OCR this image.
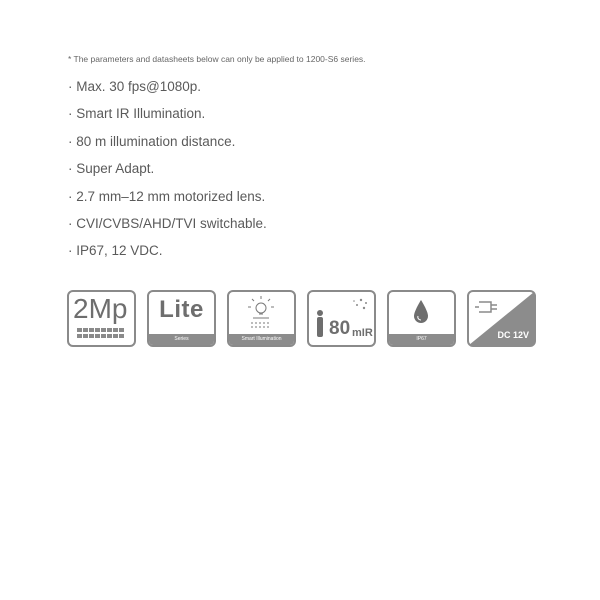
* The parameters and datasheets below can only be applied to 1200-S6 series.
· Max. 30 fps@1080p.
· Smart IR Illumination.
· 80 m illumination distance.
· Super Adapt.
· 2.7 mm–12 mm motorized lens.
· CVI/CVBS/AHD/TVI switchable.
· IP67, 12 VDC.
2Mp	Lite
Series	Smart Illumination	80 mIR	IP67	DC 12V
